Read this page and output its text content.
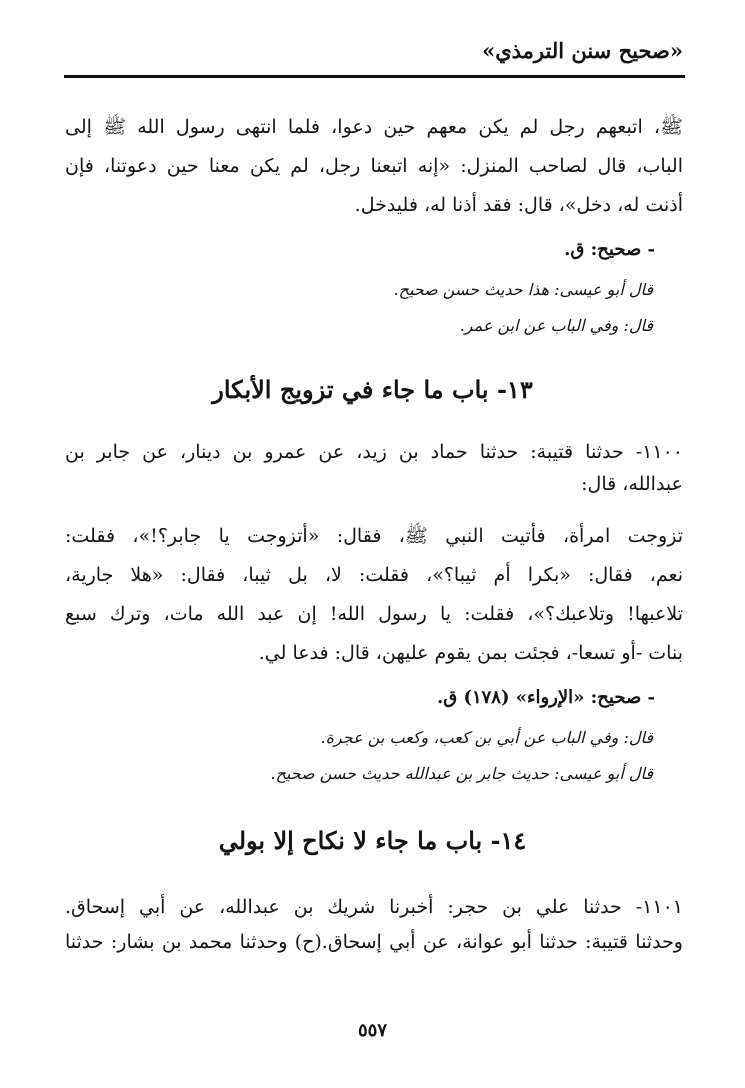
«صحيح سنن الترمذي»
ﷺ، اتبعهم رجل لم يكن معهم حين دعوا، فلما انتهى رسول الله ﷺ إلى
الباب، قال لصاحب المنزل: «إنه اتبعنا رجل، لم يكن معنا حين دعوتنا، فإن
أذنت له، دخل»، قال: فقد أذنا له، فليدخل.
- صحيح: ق.
قال أبو عيسى: هذا حديث حسن صحيح.
قال: وفي الباب عن ابن عمر.
١٣- باب ما جاء في تزويج الأبكار
١١٠٠- حدثنا قتيبة: حدثنا حماد بن زيد، عن عمرو بن دينار، عن جابر بن
عبدالله، قال:
تزوجت امرأة، فأتيت النبي ﷺ، فقال: «أتزوجت يا جابر؟!»، فقلت:
نعم، فقال: «بكرا أم ثيبا؟»، فقلت: لا، بل ثيبا، فقال: «هلا جارية،
تلاعبها! وتلاعبك؟»، فقلت: يا رسول الله! إن عبد الله مات، وترك سبع
بنات -أو تسعا-، فجئت بمن يقوم عليهن، قال: فدعا لي.
- صحيح: «الإرواء» (١٧٨) ق.
قال: وفي الباب عن أبي بن كعب، وكعب بن عجرة.
قال أبو عيسى: حديث جابر بن عبدالله حديث حسن صحيح.
١٤- باب ما جاء لا نكاح إلا بولي
١١٠١- حدثنا علي بن حجر: أخبرنا شريك بن عبدالله، عن أبي إسحاق.
وحدثنا قتيبة: حدثنا أبو عوانة، عن أبي إسحاق.(ح) وحدثنا محمد بن بشار: حدثنا
٥٥٧
